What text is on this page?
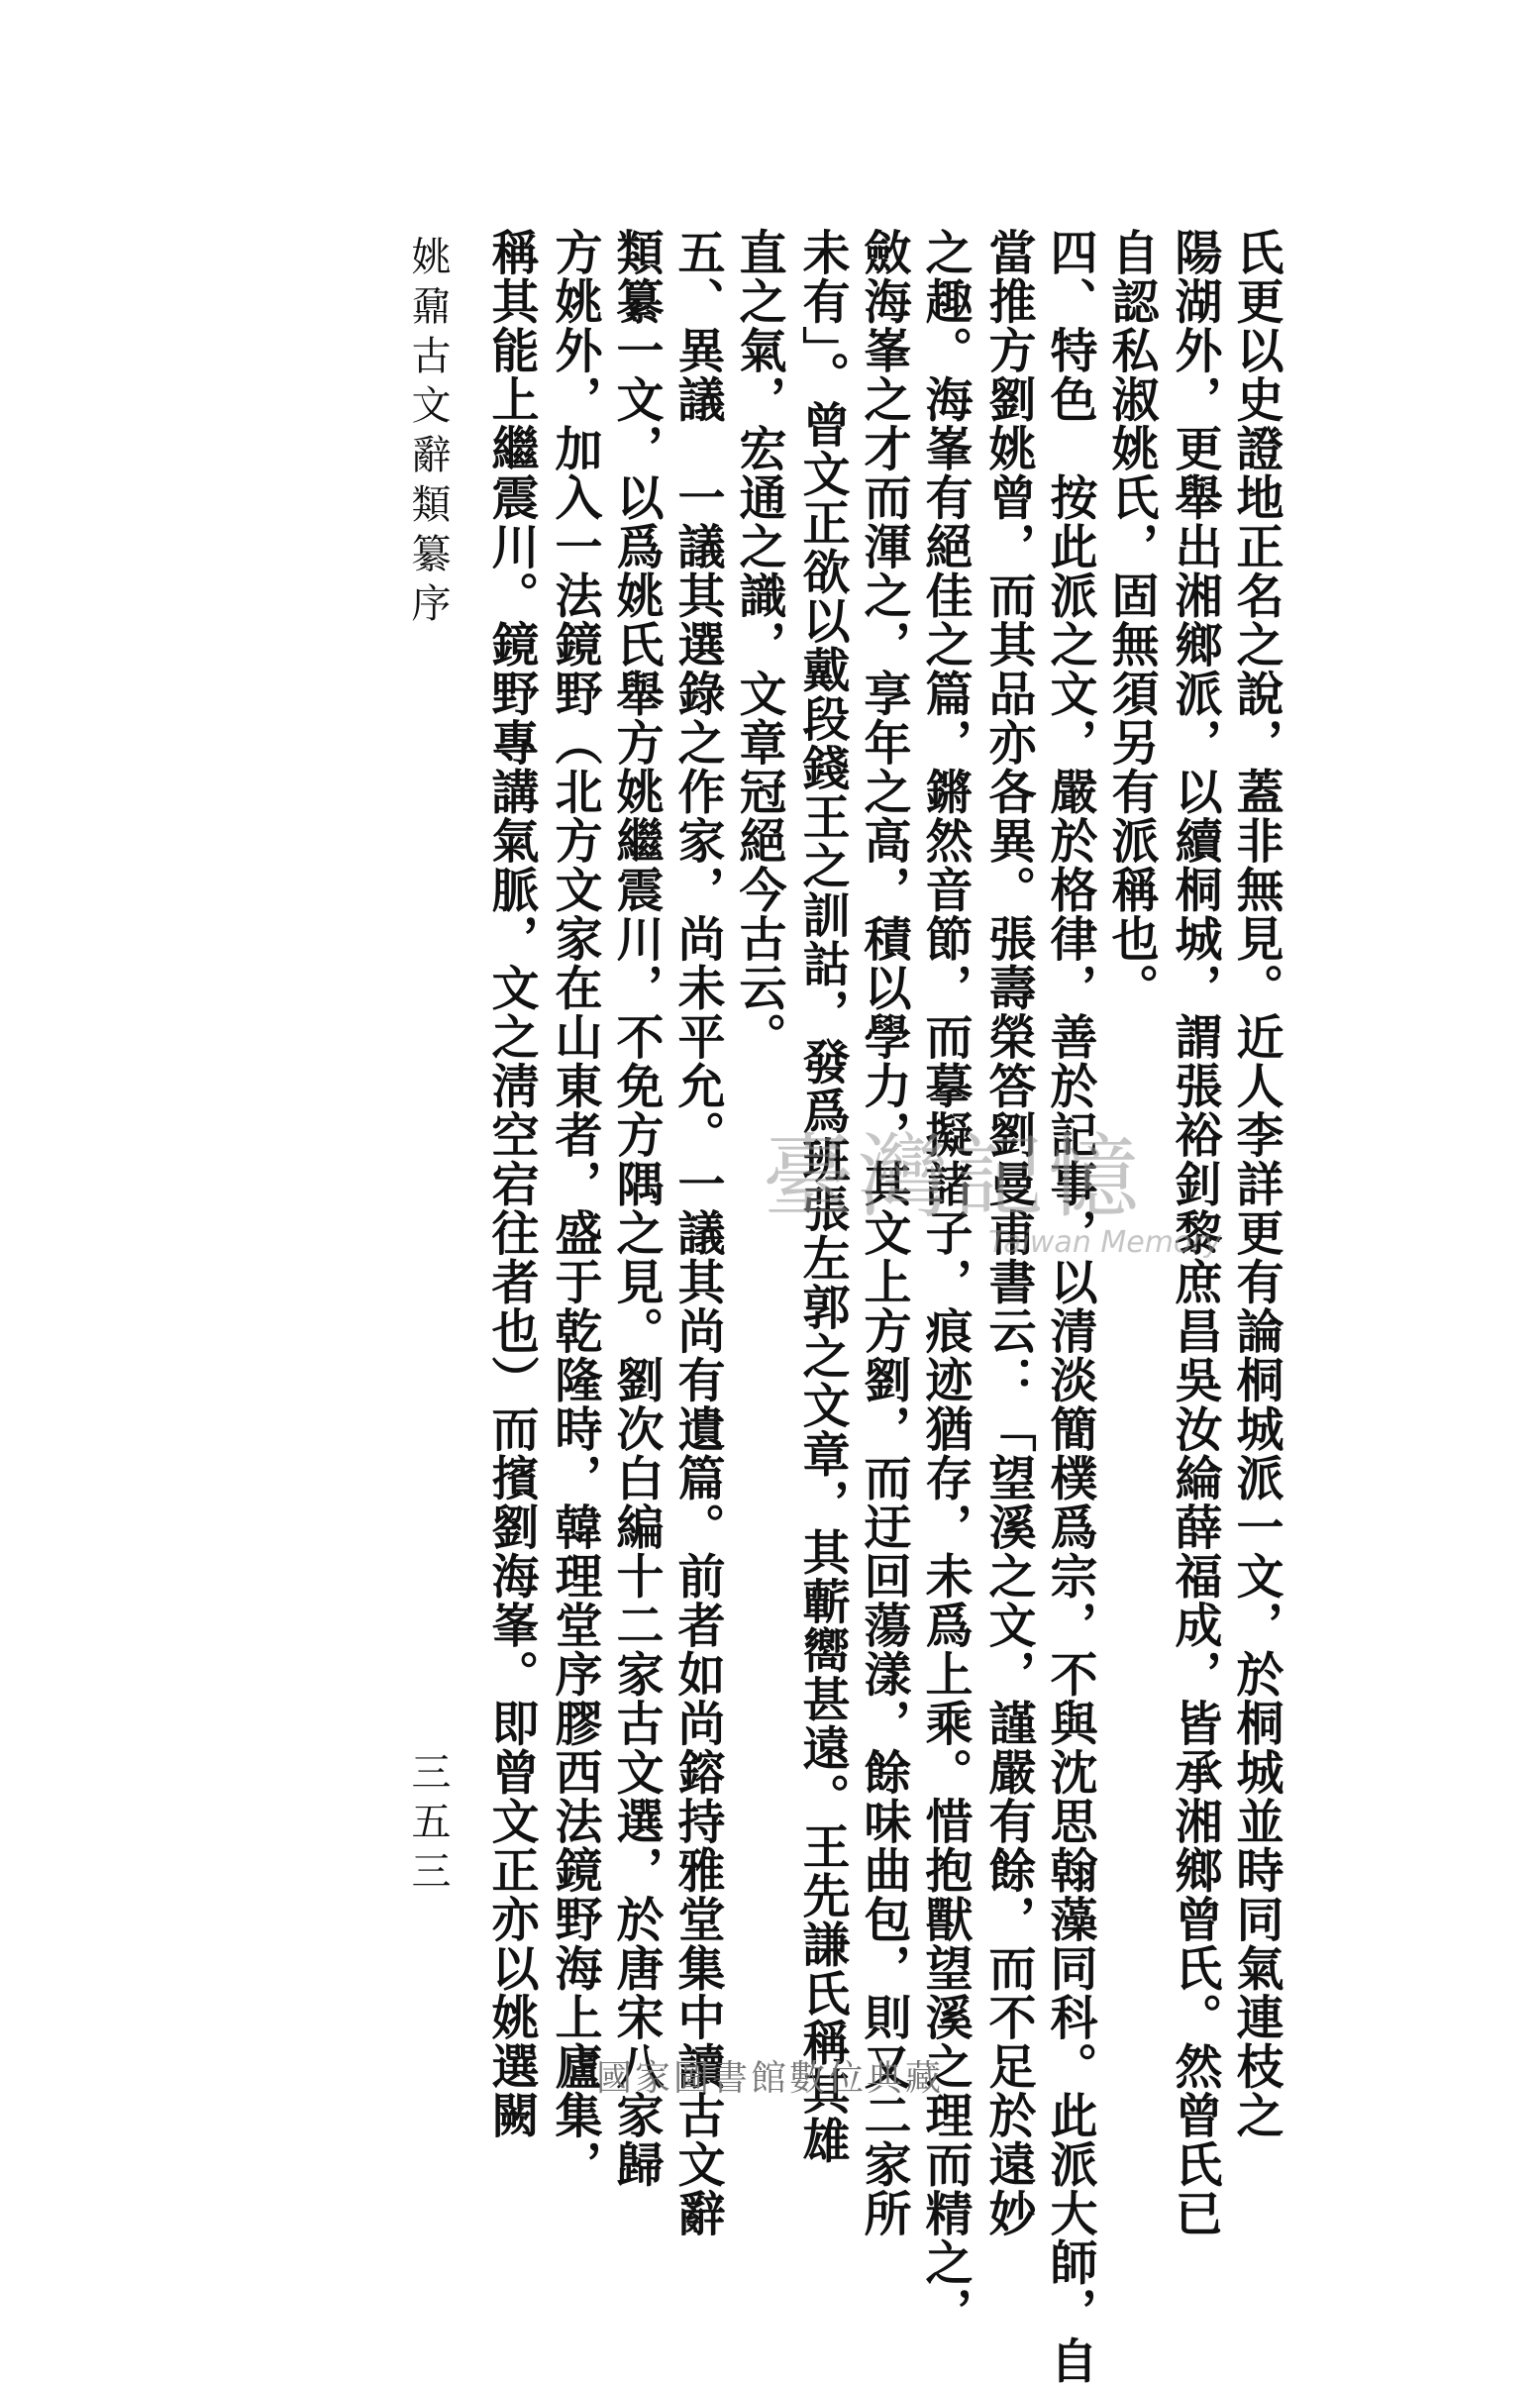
氏更以史證地正名之說，蓋非無見。近人李詳更有論桐城派一文，於桐城並時同氣連枝之
陽湖外，更舉出湘鄉派，以續桐城，謂張裕釗黎庶昌吳汝綸薛福成，皆承湘鄉曾氏。然曾氏已
自認私淑姚氏，固無須另有派稱也。
四、特色　按此派之文，嚴於格律，善於記事，以清淡簡樸爲宗，不與沈思翰藻同科。此派大師，自
當推方劉姚曾，而其品亦各異。張壽榮答劉曼甫書云：「望溪之文，謹嚴有餘，而不足於遠妙
之趣。海峯有絕佳之篇，鏘然音節，而摹擬諸子，痕迹猶存，未爲上乘。惜抱獸望溪之理而精之，
斂海峯之才而渾之，享年之高，積以學力，其文上方劉，而迂回蕩漾，餘味曲包，則又二家所
未有」。曾文正欲以戴段錢王之訓詁，發爲班張左郭之文章，其蘄嚮甚遠。王先謙氏稱其雄
直之氣，宏通之識，文章冠絕今古云。
五、異議　一議其選錄之作家，尚未平允。一議其尚有遺篇。前者如尚鎔持雅堂集中讀古文辭
類纂一文，以爲姚氏舉方姚繼震川，不免方隅之見。劉次白編十二家古文選，於唐宋八家歸
方姚外，加入一法鏡野（北方文家在山東者，盛于乾隆時，韓理堂序膠西法鏡野海上廬集，
稱其能上繼震川。鏡野專講氣脈，文之淸空宕往者也）而擯劉海峯。即曾文正亦以姚選闕
姚鼐古文辭類纂序
三五三
臺灣記憶
Taiwan Memory
國家圖書館數位典藏
